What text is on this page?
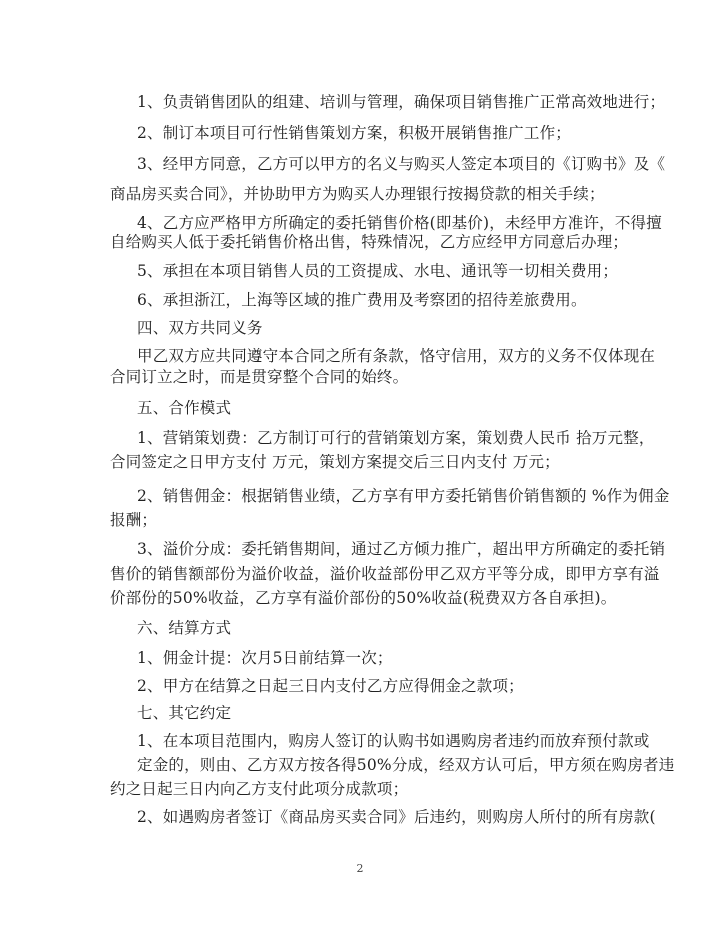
1、负责销售团队的组建、培训与管理，确保项目销售推广正常高效地进行；
2、制订本项目可行性销售策划方案，积极开展销售推广工作；
3、经甲方同意，乙方可以甲方的名义与购买人签定本项目的《订购书》及《
商品房买卖合同》，并协助甲方为购买人办理银行按揭贷款的相关手续；
4、乙方应严格甲方所确定的委托销售价格(即基价)，未经甲方准许，不得擅
自给购买人低于委托销售价格出售，特殊情况，乙方应经甲方同意后办理；
5、承担在本项目销售人员的工资提成、水电、通讯等一切相关费用；
6、承担浙江，上海等区域的推广费用及考察团的招待差旅费用。
四、双方共同义务
甲乙双方应共同遵守本合同之所有条款，恪守信用，双方的义务不仅体现在
合同订立之时，而是贯穿整个合同的始终。
五、合作模式
1、营销策划费：乙方制订可行的营销策划方案，策划费人民币 拾万元整，
合同签定之日甲方支付 万元，策划方案提交后三日内支付 万元；
2、销售佣金：根据销售业绩，乙方享有甲方委托销售价销售额的 %作为佣金
报酬；
3、溢价分成：委托销售期间，通过乙方倾力推广，超出甲方所确定的委托销
售价的销售额部份为溢价收益，溢价收益部份甲乙双方平等分成，即甲方享有溢
价部份的50%收益，乙方享有溢价部份的50%收益(税费双方各自承担)。
六、结算方式
1、佣金计提：次月5日前结算一次；
2、甲方在结算之日起三日内支付乙方应得佣金之款项；
七、其它约定
1、在本项目范围内，购房人签订的认购书如遇购房者违约而放弃预付款或
定金的，则由、乙方双方按各得50%分成，经双方认可后，甲方须在购房者违
约之日起三日内向乙方支付此项分成款项；
2、如遇购房者签订《商品房买卖合同》后违约，则购房人所付的所有房款(
2
